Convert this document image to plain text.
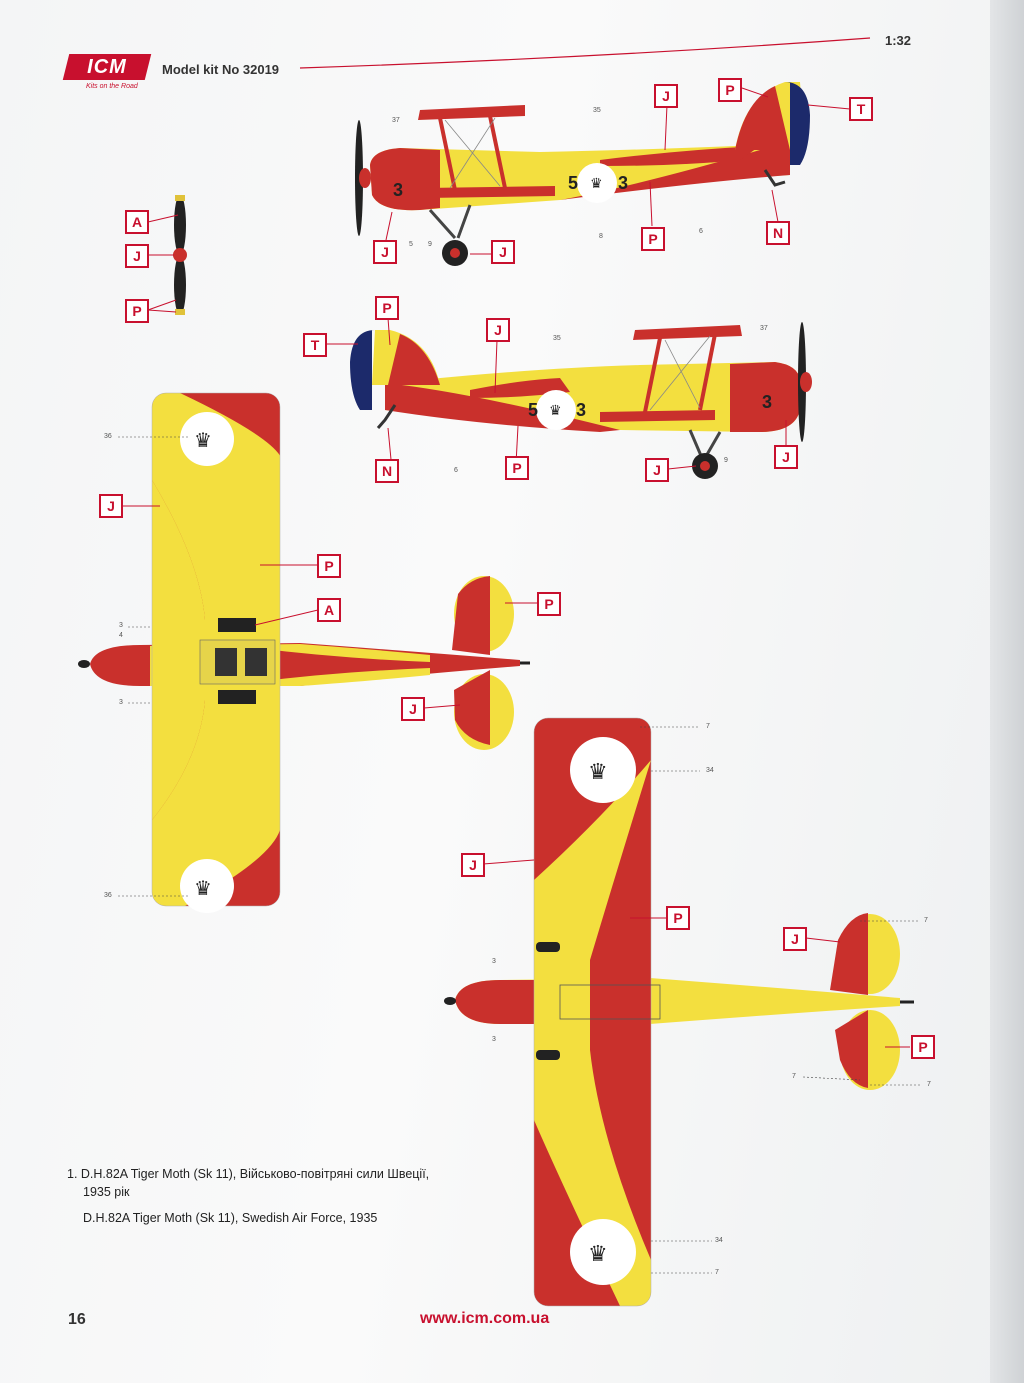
ICM
Kits on the Road
Model kit No 32019
1:32
♛
♛
♛
♛
♛
♛
3	5 3
5 3	3
A
J
P
J	P
T
N
P
J	J
P
T
J
N	P	J
J
J
P
A	P
J
J
P
J
P
37
35
5 9
8
6
35
37
6
9
36
3
4
3
36
7
34
7
3
3
7
7
34
7
1. D.H.82A Tiger Moth (Sk 11), Військово-повітряні сили Швеції,
1935 рік
D.H.82A Tiger Moth (Sk 11), Swedish Air Force, 1935
16	www.icm.com.ua
